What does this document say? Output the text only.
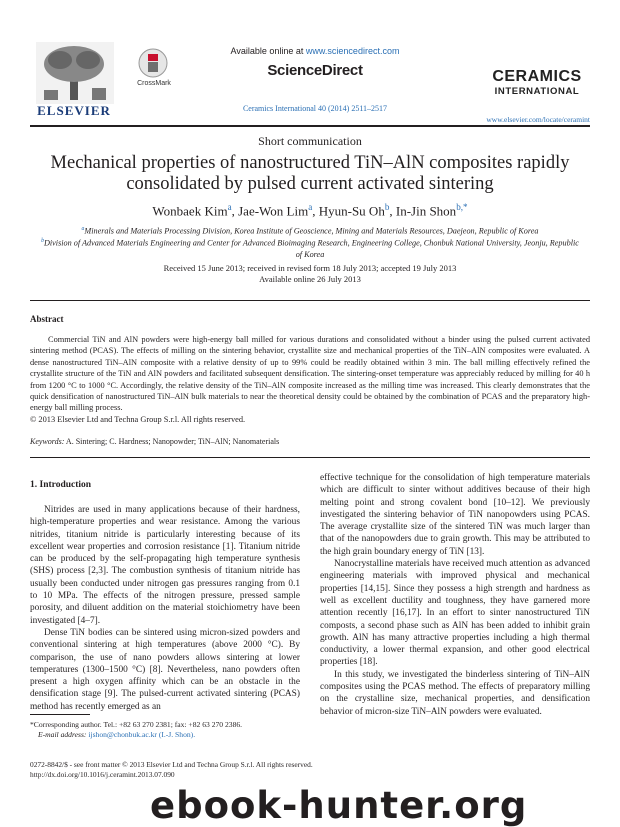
ELSEVIER
CrossMark
Available online at www.sciencedirect.com
ScienceDirect
Ceramics International 40 (2014) 2511–2517
CERAMICS
INTERNATIONAL
www.elsevier.com/locate/ceramint
Short communication
Mechanical properties of nanostructured TiN–AlN composites rapidly consolidated by pulsed current activated sintering
Wonbaek Kim$^a$, Jae-Won Lim$^a$, Hyun-Su Oh$^b$, In-Jin Shon$^{b,*}$
$^a$Minerals and Materials Processing Division, Korea Institute of Geoscience, Mining and Materials Resources, Daejeon, Republic of Korea
$^b$Division of Advanced Materials Engineering and Center for Advanced Bioimaging Research, Engineering College, Chonbuk National University, Jeonju, Republic of Korea
Received 15 June 2013; received in revised form 18 July 2013; accepted 19 July 2013
Available online 26 July 2013
Abstract
Commercial TiN and AlN powders were high-energy ball milled for various durations and consolidated without a binder using the pulsed current activated sintering method (PCAS). The effects of milling on the sintering behavior, crystallite size and mechanical properties of the TiN–AlN composites were evaluated. A dense nanostructured TiN–AlN composite with a relative density of up to 99% could be readily obtained within 3 min. The ball milling effectively refined the crystallite structure of the TiN and AlN powders and facilitated subsequent densification. The sintering-onset temperature was appreciably reduced by milling for 40 h from 1200 °C to 1000 °C. Accordingly, the relative density of the TiN–AlN composite increased as the milling time was increased. This clearly demonstrates that the quick densification of nanostructured TiN–AlN bulk materials to near the theoretical density could be obtained by the combination of PCAS and the preparatory high-energy ball milling process.
© 2013 Elsevier Ltd and Techna Group S.r.l. All rights reserved.
Keywords: A. Sintering; C. Hardness; Nanopowder; TiN–AlN; Nanomaterials
1. Introduction

Nitrides are used in many applications because of their hardness, high-temperature properties and wear resistance. Among the various nitrides, titanium nitride is particularly interesting because of its excellent wear properties and corrosion resistance [1]. Titanium nitride can be produced by the self-propagating high temperature synthesis (SHS) process [2,3]. The combustion synthesis of titanium nitride has usually been conducted under nitrogen gas pressures ranging from 0.1 to 10 MPa. The effects of the nitrogen pressure, pressed sample porosity, and diluent addition on the material stoichiometry have been investigated [4–7].

Dense TiN bodies can be sintered using micron-sized powders and conventional sintering at high temperatures (above 2000 °C). By comparison, the use of nano powders allows sintering at lower temperatures (1300–1500 °C) [8]. Nevertheless, nano powders often present a high oxygen affinity which can be an obstacle in the densification stage [9]. The pulsed-current activated sintering (PCAS) method has recently emerged as an

effective technique for the consolidation of high temperature materials which are difficult to sinter without additives because of their high melting point and strong covalent bond [10–12]. We previously investigated the sintering behavior of TiN nanopowders using PCAS. The average crystallite size of the sintered TiN was much larger than that of the nanopowders due to grain growth. This may be attributed to the high grain boundary energy of TiN [13].

Nanocrystalline materials have received much attention as advanced engineering materials with improved physical and mechanical properties [14,15]. Since they possess a high strength and hardness as well as excellent ductility and toughness, they have garnered more attention recently [16,17]. In an effort to sinter nanostructured TiN composts, a second phase such as AlN has been added to inhibit grain growth. AlN has many attractive properties including a high thermal conductivity, a lower thermal expansion, and other good electrical properties [18].

In this study, we investigated the binderless sintering of TiN–AlN composites using the PCAS method. The effects of preparatory milling on the crystalline size, mechanical properties, and densification behavior of micron-size TiN–AlN powders were evaluated.

*Corresponding author. Tel.: +82 63 270 2381; fax: +82 63 270 2386.
E-mail address: ijshon@chonbuk.ac.kr (I.-J. Shon).
0272-8842/$ - see front matter © 2013 Elsevier Ltd and Techna Group S.r.l. All rights reserved.
http://dx.doi.org/10.1016/j.ceramint.2013.07.090
ebook-hunter.org
